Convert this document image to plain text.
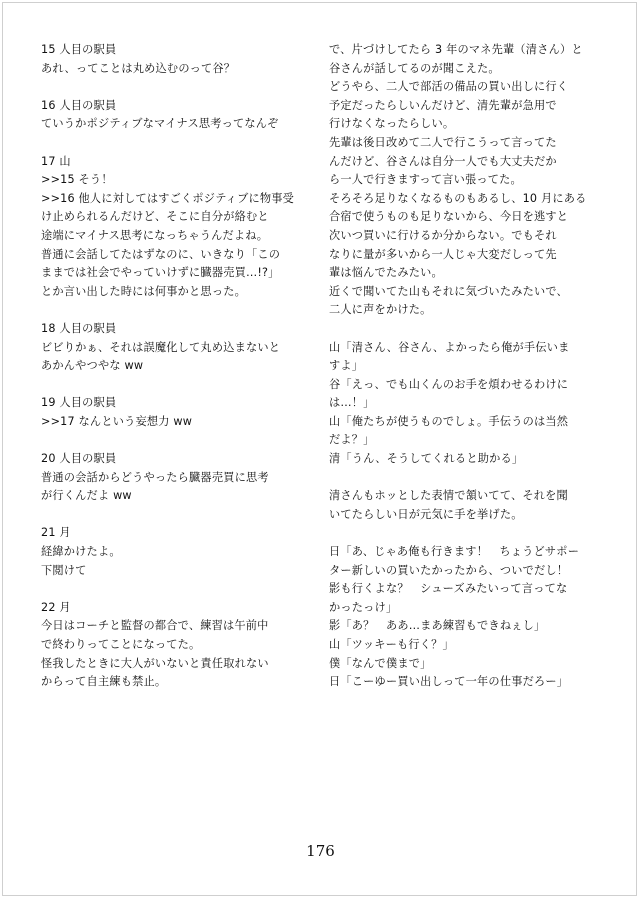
15 人目の駅員
あれ、ってことは丸め込むのって谷？
16 人目の駅員
ていうかポジティブなマイナス思考ってなんぞ
17 山
>>15 そう！
>>16 他人に対してはすごくポジティブに物事受
け止められるんだけど、そこに自分が絡むと
途端にマイナス思考になっちゃうんだよね。
普通に会話してたはずなのに、いきなり「この
ままでは社会でやっていけずに臓器売買…!?」
とか言い出した時には何事かと思った。
18 人目の駅員
ビビりかぁ、それは誤魔化して丸め込まないと
あかんやつやな ww
19 人目の駅員
>>17 なんという妄想力 ww
20 人目の駅員
普通の会話からどうやったら臓器売買に思考
が行くんだよ ww
21 月
経緯かけたよ。
下閲けて
22 月
今日はコーチと監督の都合で、練習は午前中
で終わりってことになってた。
怪我したときに大人がいないと責任取れない
からって自主練も禁止。
で、片づけしてたら 3 年のマネ先輩（清さん）と
谷さんが話してるのが聞こえた。
どうやら、二人で部活の備品の買い出しに行く
予定だったらしいんだけど、清先輩が急用で
行けなくなったらしい。
先輩は後日改めて二人で行こうって言ってた
んだけど、谷さんは自分一人でも大丈夫だか
ら一人で行きますって言い張ってた。
そろそろ足りなくなるものもあるし、10 月にある
合宿で使うものも足りないから、今日を逃すと
次いつ買いに行けるか分からない。でもそれ
なりに量が多いから一人じゃ大変だしって先
輩は悩んでたみたい。
近くで聞いてた山もそれに気づいたみたいで、
二人に声をかけた。
山「清さん、谷さん、よかったら俺が手伝いま
すよ」
谷「えっ、でも山くんのお手を煩わせるわけに
は…！」
山「俺たちが使うものでしょ。手伝うのは当然
だよ？」
清「うん、そうしてくれると助かる」
清さんもホッとした表情で頷いてて、それを聞
いてたらしい日が元気に手を挙げた。
日「あ、じゃあ俺も行きます！　ちょうどサポー
ター新しいの買いたかったから、ついでだし！
影も行くよな？　シューズみたいって言ってな
かったっけ」
影「あ？　ああ…まあ練習もできねぇし」
山「ツッキーも行く？」
僕「なんで僕まで」
日「こーゆー買い出しって一年の仕事だろー」
176
